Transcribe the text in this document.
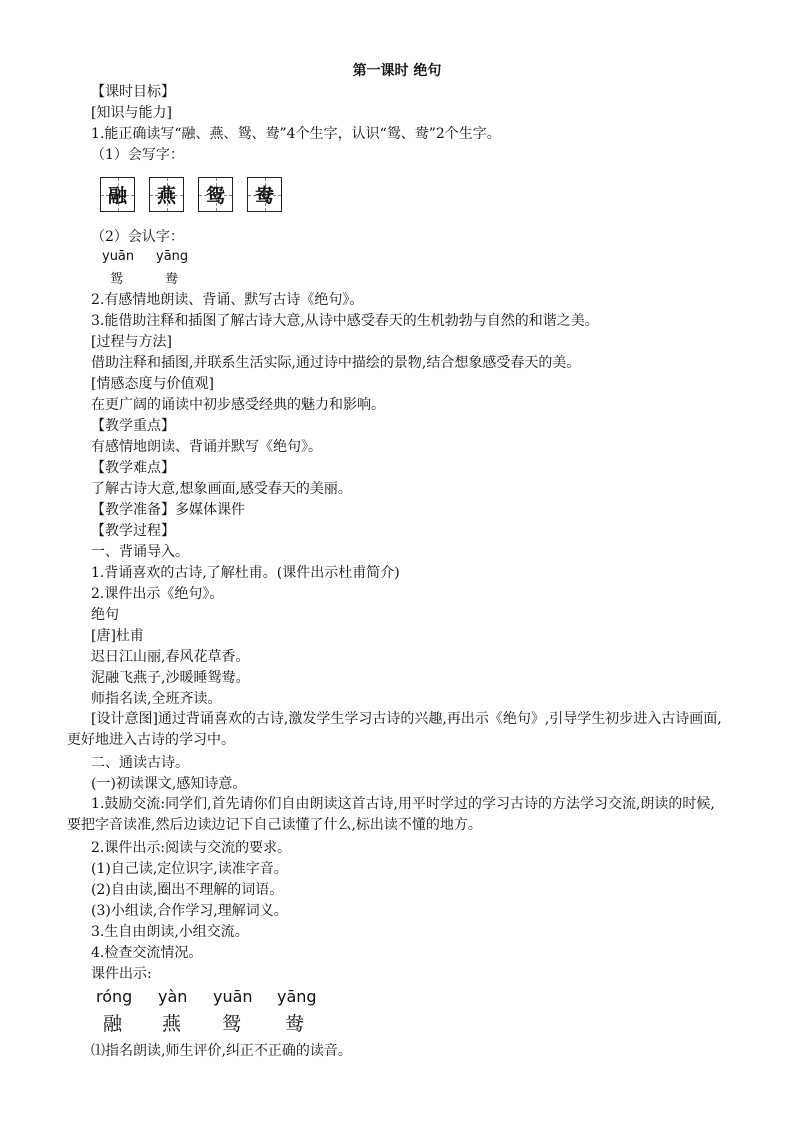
第一课时 绝句
【课时目标】
[知识与能力]
1.能正确读写“融、燕、鸳、鸯”4个生字，认识“鸳、鸯”2个生字。
（1）会写字：
融 燕 鸳 鸯
（2）会认字：
yuān yāng
鸳	鸯
2.有感情地朗读、背诵、默写古诗《绝句》。
3.能借助注释和插图了解古诗大意,从诗中感受春天的生机勃勃与自然的和谐之美。
[过程与方法]
借助注释和插图,并联系生活实际,通过诗中描绘的景物,结合想象感受春天的美。
[情感态度与价值观]
在更广阔的诵读中初步感受经典的魅力和影响。
【教学重点】
有感情地朗读、背诵并默写《绝句》。
【教学难点】
了解古诗大意,想象画面,感受春天的美丽。
【教学准备】多媒体课件
【教学过程】
一、背诵导入。
1.背诵喜欢的古诗,了解杜甫。(课件出示杜甫简介)
2.课件出示《绝句》。
绝句
[唐]杜甫
迟日江山丽,春风花草香。
泥融飞燕子,沙暖睡鸳鸯。
师指名读,全班齐读。
[设计意图]通过背诵喜欢的古诗,激发学生学习古诗的兴趣,再出示《绝句》,引导学生初步进入古诗画面,更好地进入古诗的学习中。
二、通读古诗。
(一)初读课文,感知诗意。
1.鼓励交流:同学们,首先请你们自由朗读这首古诗,用平时学过的学习古诗的方法学习交流,朗读的时候,要把字音读准,然后边读边记下自己读懂了什么,标出读不懂的地方。
2.课件出示:阅读与交流的要求。
(1)自己读,定位识字,读准字音。
(2)自由读,圈出不理解的词语。
(3)小组读,合作学习,理解词义。
3.生自由朗读,小组交流。
4.检查交流情况。
课件出示:
róng yàn yuān yāng
融 燕 鸳 鸯
⑴指名朗读,师生评价,纠正不正确的读音。
